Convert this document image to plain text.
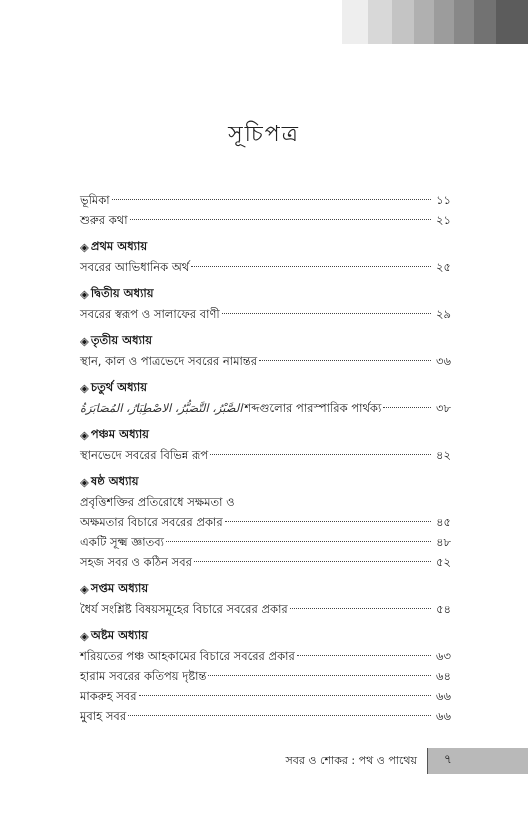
সূচিপত্র
ভূমিকা	১১
শুরুর কথা	২১
◈ প্রথম অধ্যায়
সবরের আভিধানিক অর্থ	২৫
◈ দ্বিতীয় অধ্যায়
সবরের স্বরূপ ও সালাফের বাণী	২৯
◈ তৃতীয় অধ্যায়
স্থান, কাল ও পাত্রভেদে সবরের নামান্তর	৩৬
◈ চতুর্থ অধ্যায়
الصَّبْرُ، التَّصَبُّرُ، الاصْطِبَارُ، المُصَابَرَةُ শব্দগুলোর পারস্পারিক পার্থক্য	৩৮
◈ পঞ্চম অধ্যায়
স্থানভেদে সবরের বিভিন্ন রূপ	৪২
◈ ষষ্ঠ অধ্যায়
প্রবৃত্তিশক্তির প্রতিরোধে সক্ষমতা ও
অক্ষমতার বিচারে সবরের প্রকার	৪৫
একটি সূক্ষ্ম জ্ঞাতব্য	৪৮
সহজ সবর ও কঠিন সবর	৫২
◈ সপ্তম অধ্যায়
ধৈর্য সংশ্লিষ্ট বিষয়সমূহের বিচারে সবরের প্রকার	৫৪
◈ অষ্টম অধ্যায়
শরিয়তের পঞ্চ আহকামের বিচারে সবরের প্রকার	৬৩
হারাম সবরের কতিপয় দৃষ্টান্ত	৬৪
মাকরুহ সবর	৬৬
মুবাহ সবর	৬৬
সবর ও শোকর : পথ ও পাথেয়	৭
